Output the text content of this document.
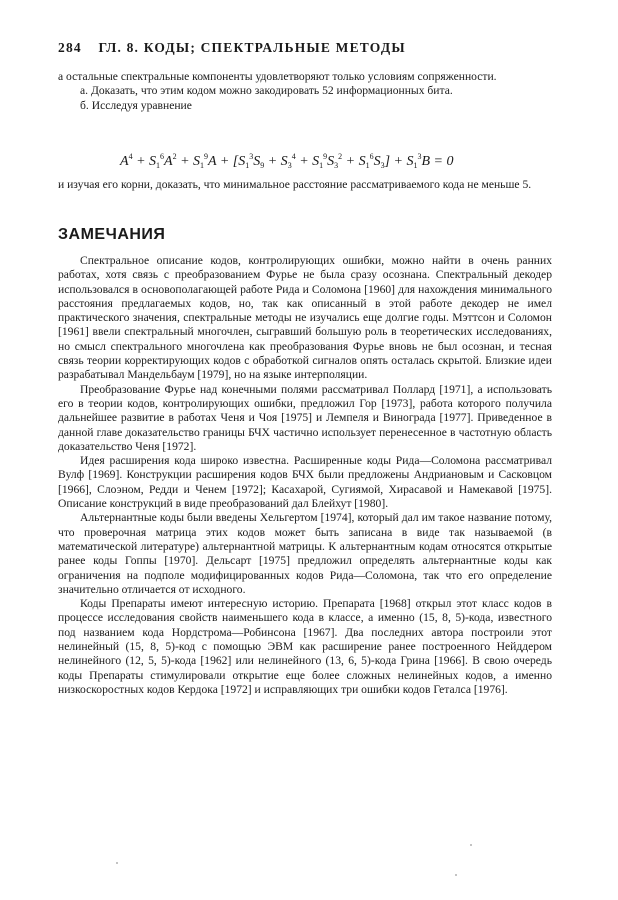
284 ГЛ. 8. КОДЫ; СПЕКТРАЛЬНЫЕ МЕТОДЫ

а остальные спектральные компоненты удовлетворяют только условиям сопряженности.

а. Доказать, что этим кодом можно закодировать 52 информационных бита.

б. Исследуя уравнение

$A^4 + S_1^6A^2 + S_1^9A + [S_1^3S_9 + S_3^4 + S_1^9S_3^2 + S_1^6S_3] + S_1^3B = 0$

и изучая его корни, доказать, что минимальное расстояние рассматриваемого кода не меньше 5.

ЗАМЕЧАНИЯ

Спектральное описание кодов, контролирующих ошибки, можно найти в очень ранних работах, хотя связь с преобразованием Фурье не была сразу осознана. Спектральный декодер использовался в основополагающей работе Рида и Соломона [1960] для нахождения минимального расстояния предлагаемых кодов, но, так как описанный в этой работе декодер не имел практического значения, спектральные методы не изучались еще долгие годы. Мэттсон и Соломон [1961] ввели спектральный многочлен, сыгравший большую роль в теоретических исследованиях, но смысл спектрального многочлена как преобразования Фурье вновь не был осознан, и тесная связь теории корректирующих кодов с обработкой сигналов опять осталась скрытой. Близкие идеи разрабатывал Мандельбаум [1979], но на языке интерполяции.

Преобразование Фурье над конечными полями рассматривал Поллард [1971], а использовать его в теории кодов, контролирующих ошибки, предложил Гор [1973], работа которого получила дальнейшее развитие в работах Ченя и Чоя [1975] и Лемпеля и Винограда [1977]. Приведенное в данной главе доказательство границы БЧХ частично использует перенесенное в частотную область доказательство Ченя [1972].

Идея расширения кода широко известна. Расширенные коды Рида—Соломона рассматривал Вулф [1969]. Конструкции расширения кодов БЧХ были предложены Андриановым и Сасковцом [1966], Слоэном, Редди и Ченем [1972]; Касахарой, Сугиямой, Хирасавой и Намекавой [1975]. Описание конструкций в виде преобразований дал Блейхут [1980].

Альтернантные коды были введены Хельгертом [1974], который дал им такое название потому, что проверочная матрица этих кодов может быть записана в виде так называемой (в математической литературе) альтернантной матрицы. К альтернантным кодам относятся открытые ранее коды Гоппы [1970]. Дельсарт [1975] предложил определять альтернантные коды как ограничения на подполе модифицированных кодов Рида—Соломона, так что его определение значительно отличается от исходного.

Коды Препараты имеют интересную историю. Препарата [1968] открыл этот класс кодов в процессе исследования свойств наименьшего кода в классе, а именно (15, 8, 5)-кода, известного под названием кода Нордстрома—Робинсона [1967]. Два последних автора построили этот нелинейный (15, 8, 5)-код с помощью ЭВМ как расширение ранее построенного Нейддером нелинейного (12, 5, 5)-кода [1962] или нелинейного (13, 6, 5)-кода Грина [1966]. В свою очередь коды Препараты стимулировали открытие еще более сложных нелинейных кодов, а именно низкоскоростных кодов Кердока [1972] и исправляющих три ошибки кодов Геталса [1976].
